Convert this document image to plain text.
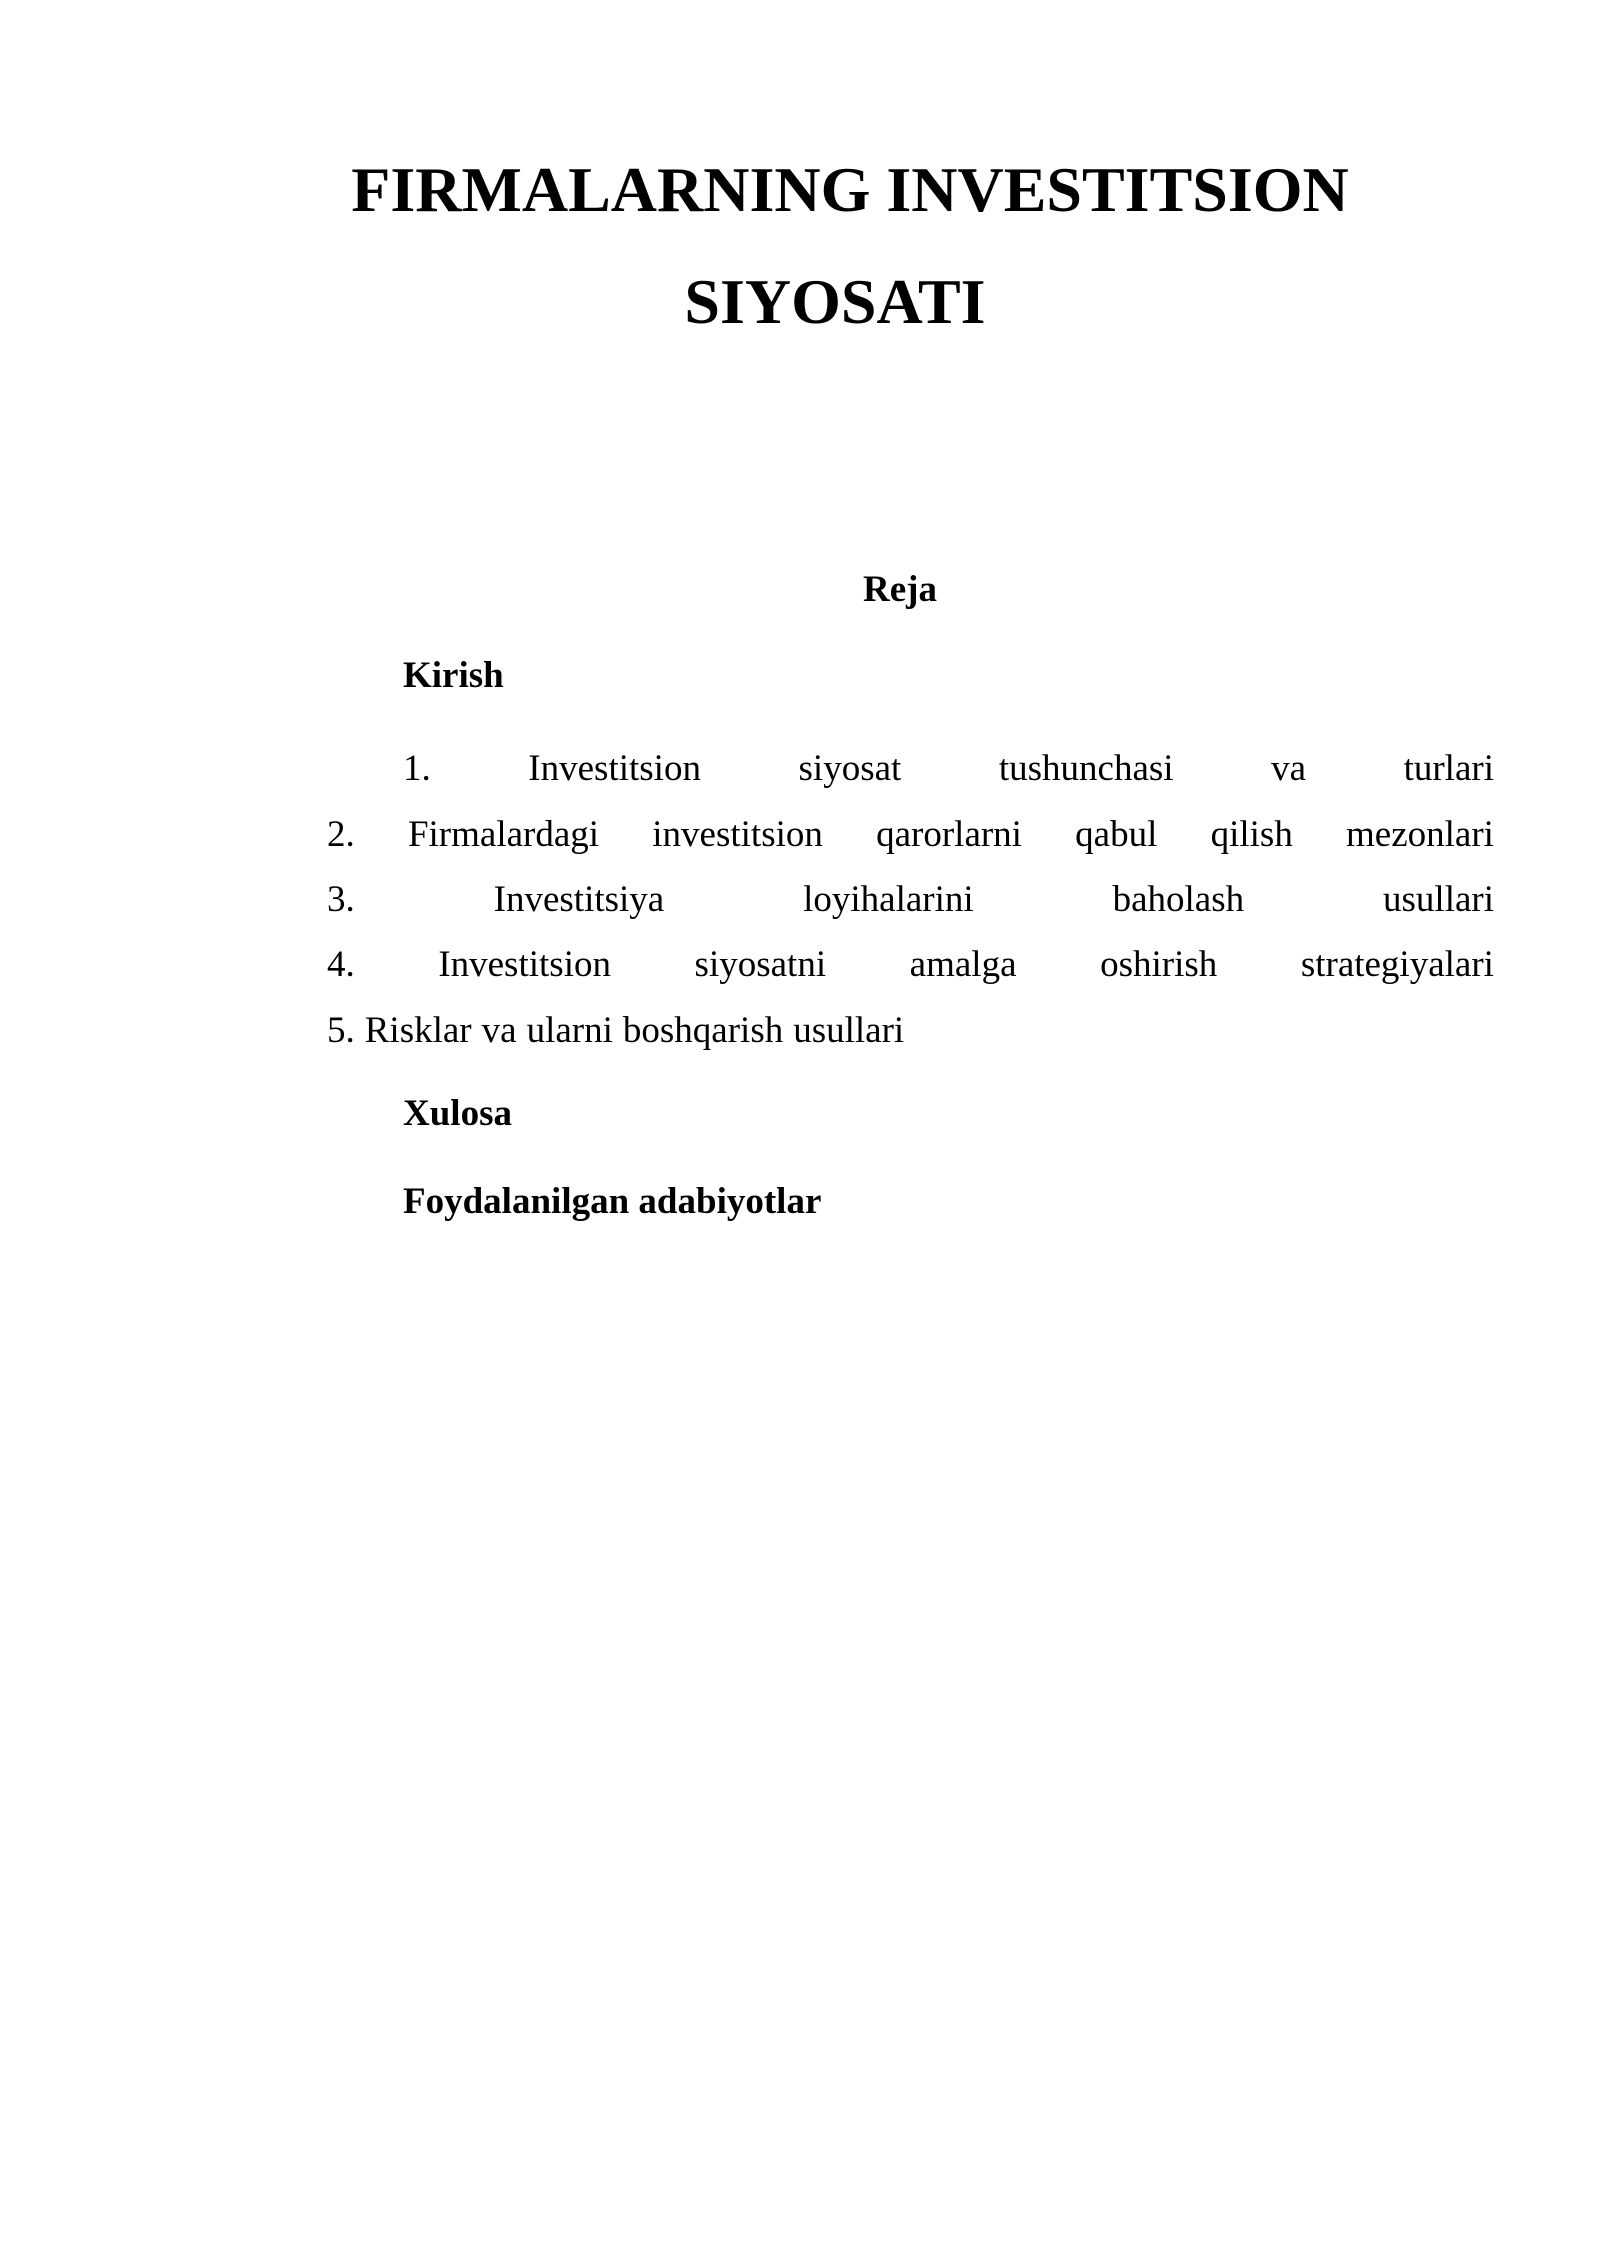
FIRMALARNING INVESTITSION
SIYOSATI
Reja
Kirish
1.	Investitsion	siyosat	tushunchasi	va	turlari
2. Firmalardagi investitsion qarorlarni qabul qilish mezonlari
3.	Investitsiya	loyihalarini	baholash	usullari
4. Investitsion siyosatni amalga oshirish strategiyalari
5. Risklar va ularni boshqarish usullari
Xulosa
Foydalanilgan adabiyotlar
